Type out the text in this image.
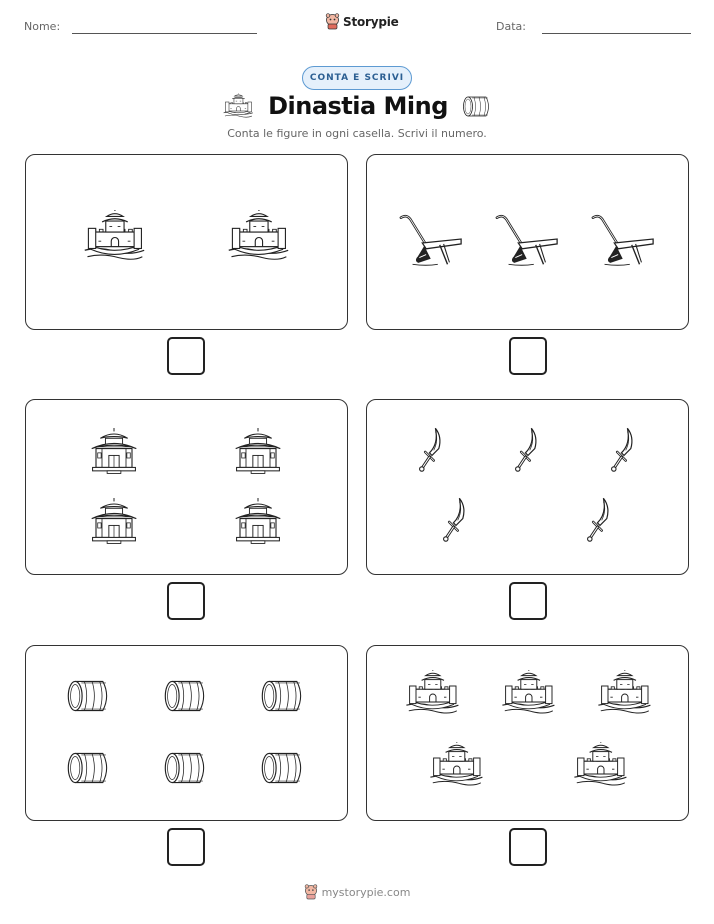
Nome:	Storypie	Data:
CONTA E SCRIVI
Dinastia Ming
Conta le figure in ogni casella. Scrivi il numero.
mystorypie.com
